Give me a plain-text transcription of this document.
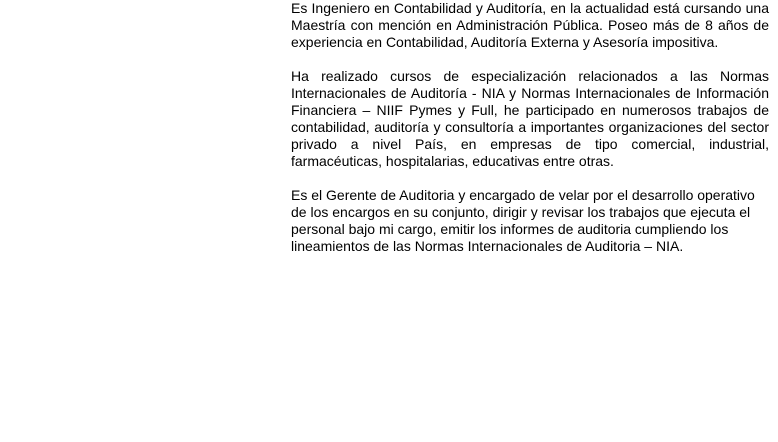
Es Ingeniero en Contabilidad y Auditoría, en la actualidad está cursando una Maestría con mención en Administración Pública. Poseo más de 8 años de experiencia en Contabilidad, Auditoría Externa y Asesoría impositiva.

Ha realizado cursos de especialización relacionados a las Normas Internacionales de Auditoría - NIA y Normas Internacionales de Información Financiera – NIIF Pymes y Full, he participado en numerosos trabajos de contabilidad, auditoría y consultoría a importantes organizaciones del sector privado a nivel País, en empresas de tipo comercial, industrial, farmacéuticas, hospitalarias, educativas entre otras.

Es el Gerente de Auditoria y encargado de velar por el desarrollo operativo de los encargos en su conjunto, dirigir y revisar los trabajos que ejecuta el personal bajo mi cargo, emitir los informes de auditoria cumpliendo los lineamientos de las Normas Internacionales de Auditoria – NIA.
